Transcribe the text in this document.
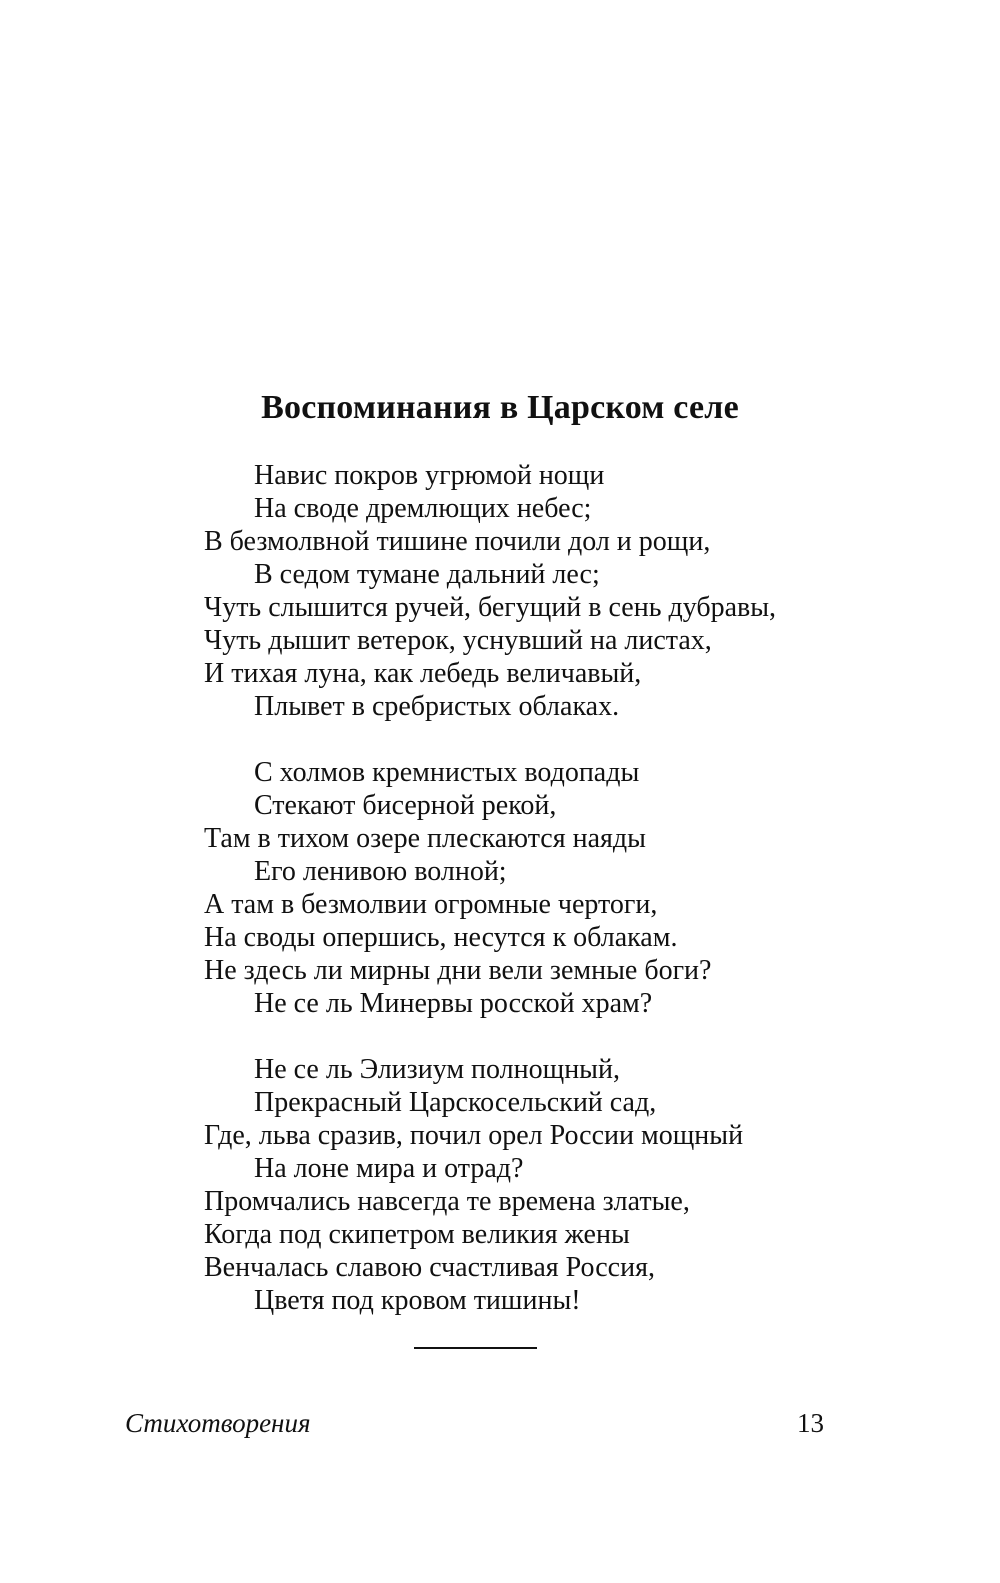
Воспоминания в Царском селе
Навис покров угрюмой нощи
На своде дремлющих небес;
В безмолвной тишине почили дол и рощи,
В седом тумане дальний лес;
Чуть слышится ручей, бегущий в сень дубравы,
Чуть дышит ветерок, уснувший на листах,
И тихая луна, как лебедь величавый,
Плывет в сребристых облаках.
С холмов кремнистых водопады
Стекают бисерной рекой,
Там в тихом озере плескаются наяды
Его ленивою волной;
А там в безмолвии огромные чертоги,
На своды опершись, несутся к облакам.
Не здесь ли мирны дни вели земные боги?
Не се ль Минервы росской храм?
Не се ль Элизиум полнощный,
Прекрасный Царскосельский сад,
Где, льва сразив, почил орел России мощный
На лоне мира и отрад?
Промчались навсегда те времена златые,
Когда под скипетром великия жены
Венчалась славою счастливая Россия,
Цветя под кровом тишины!
Стихотворения	13
